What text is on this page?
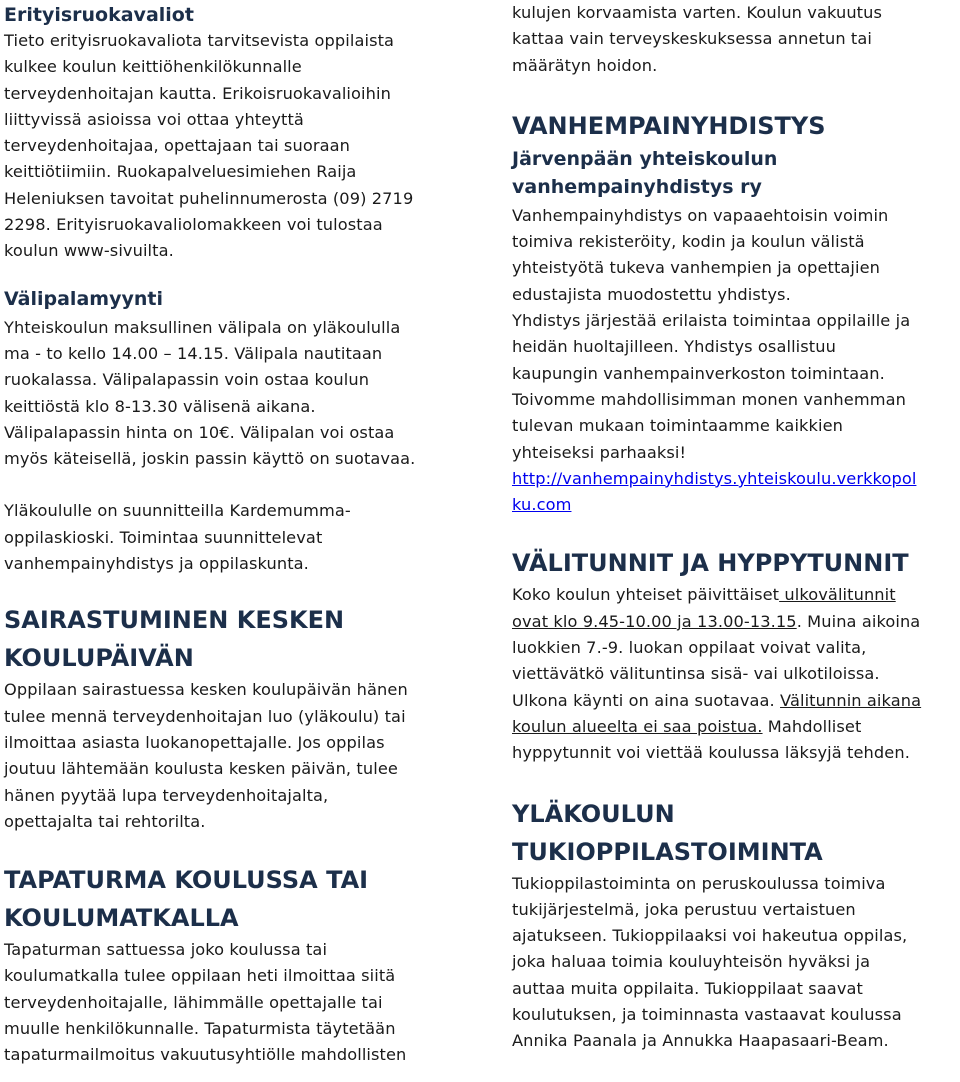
Erityisruokavaliot

Tieto erityisruokavaliota tarvitsevista oppilaista
kulkee koulun keittiöhenkilökunnalle
terveydenhoitajan kautta. Erikoisruokavalioihin
liittyvissä asioissa voi ottaa yhteyttä
terveydenhoitajaa, opettajaan tai suoraan
keittiötiimiin. Ruokapalveluesimiehen Raija
Heleniuksen tavoitat puhelinnumerosta (09) 2719
2298. Erityisruokavaliolomakkeen voi tulostaa
koulun www-sivuilta.

Välipalamyynti

Yhteiskoulun maksullinen välipala on yläkoululla
ma - to kello 14.00 – 14.15. Välipala nautitaan
ruokalassa. Välipalapassin voin ostaa koulun
keittiöstä klo 8-13.30 välisenä aikana.
Välipalapassin hinta on 10€. Välipalan voi ostaa
myös käteisellä, joskin passin käyttö on suotavaa.

Yläkoululle on suunnitteilla Kardemumma-
oppilaskioski. Toimintaa suunnittelevat
vanhempainyhdistys ja oppilaskunta.

SAIRASTUMINEN KESKEN
KOULUPÄIVÄN

Oppilaan sairastuessa kesken koulupäivän hänen
tulee mennä terveydenhoitajan luo (yläkoulu) tai
ilmoittaa asiasta luokanopettajalle. Jos oppilas
joutuu lähtemään koulusta kesken päivän, tulee
hänen pyytää lupa terveydenhoitajalta,
opettajalta tai rehtorilta.

TAPATURMA KOULUSSA TAI
KOULUMATKALLA

Tapaturman sattuessa joko koulussa tai
koulumatkalla tulee oppilaan heti ilmoittaa siitä
terveydenhoitajalle, lähimmälle opettajalle tai
muulle henkilökunnalle. Tapaturmista täytetään
tapaturmailmoitus vakuutusyhtiölle mahdollisten

kulujen korvaamista varten. Koulun vakuutus
kattaa vain terveyskeskuksessa annetun tai
määrätyn hoidon.

VANHEMPAINYHDISTYS
Järvenpään yhteiskoulun
vanhempainyhdistys ry

Vanhempainyhdistys on vapaaehtoisin voimin
toimiva rekisteröity, kodin ja koulun välistä
yhteistyötä tukeva vanhempien ja opettajien
edustajista muodostettu yhdistys.
Yhdistys järjestää erilaista toimintaa oppilaille ja
heidän huoltajilleen. Yhdistys osallistuu
kaupungin vanhempainverkoston toimintaan.
Toivomme mahdollisimman monen vanhemman
tulevan mukaan toimintaamme kaikkien
yhteiseksi parhaaksi!

http://vanhempainyhdistys.yhteiskoulu.verkkopol
ku.com

VÄLITUNNIT JA HYPPYTUNNIT

Koko koulun yhteiset päivittäiset ulkovälitunnit
ovat klo 9.45-10.00 ja 13.00-13.15. Muina aikoina
luokkien 7.-9. luokan oppilaat voivat valita,
viettävätkö välituntinsa sisä- vai ulkotiloissa.
Ulkona käynti on aina suotavaa. Välitunnin aikana
koulun alueelta ei saa poistua. Mahdolliset
hyppytunnit voi viettää koulussa läksyjä tehden.

YLÄKOULUN TUKIOPPILASTOIMINTA

Tukioppilastoiminta on peruskoulussa toimiva
tukijärjestelmä, joka perustuu vertaistuen
ajatukseen. Tukioppilaaksi voi hakeutua oppilas,
joka haluaa toimia kouluyhteisön hyväksi ja
auttaa muita oppilaita. Tukioppilaat saavat
koulutuksen, ja toiminnasta vastaavat koulussa
Annika Paanala ja Annukka Haapasaari-Beam.
